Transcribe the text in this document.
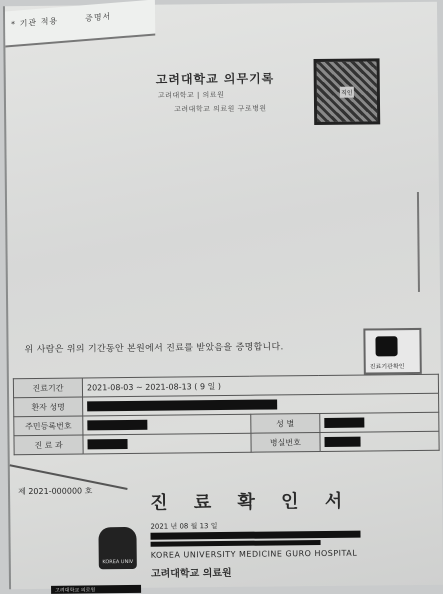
* 기관 적용	증명서
고려대학교 의무기록
고려대학교 | 의료원
고려대학교 의료원 구로병원
직인
위 사람은 위의 기간동안 본원에서 진료를 받았음을 증명합니다.
진료기관확인
진료기간	2021-08-03 ~ 2021-08-13 ( 9 일 )		
환자 성명			
주민등록번호		성 별	
진 료 과		병실번호	
제 2021-000000 호	진 료 확 인 서
2021 년 08 월 13 일
KOREA UNIV
KOREA UNIVERSITY MEDICINE GURO HOSPITAL
고려대학교 의료원
고려대학교 의료원
